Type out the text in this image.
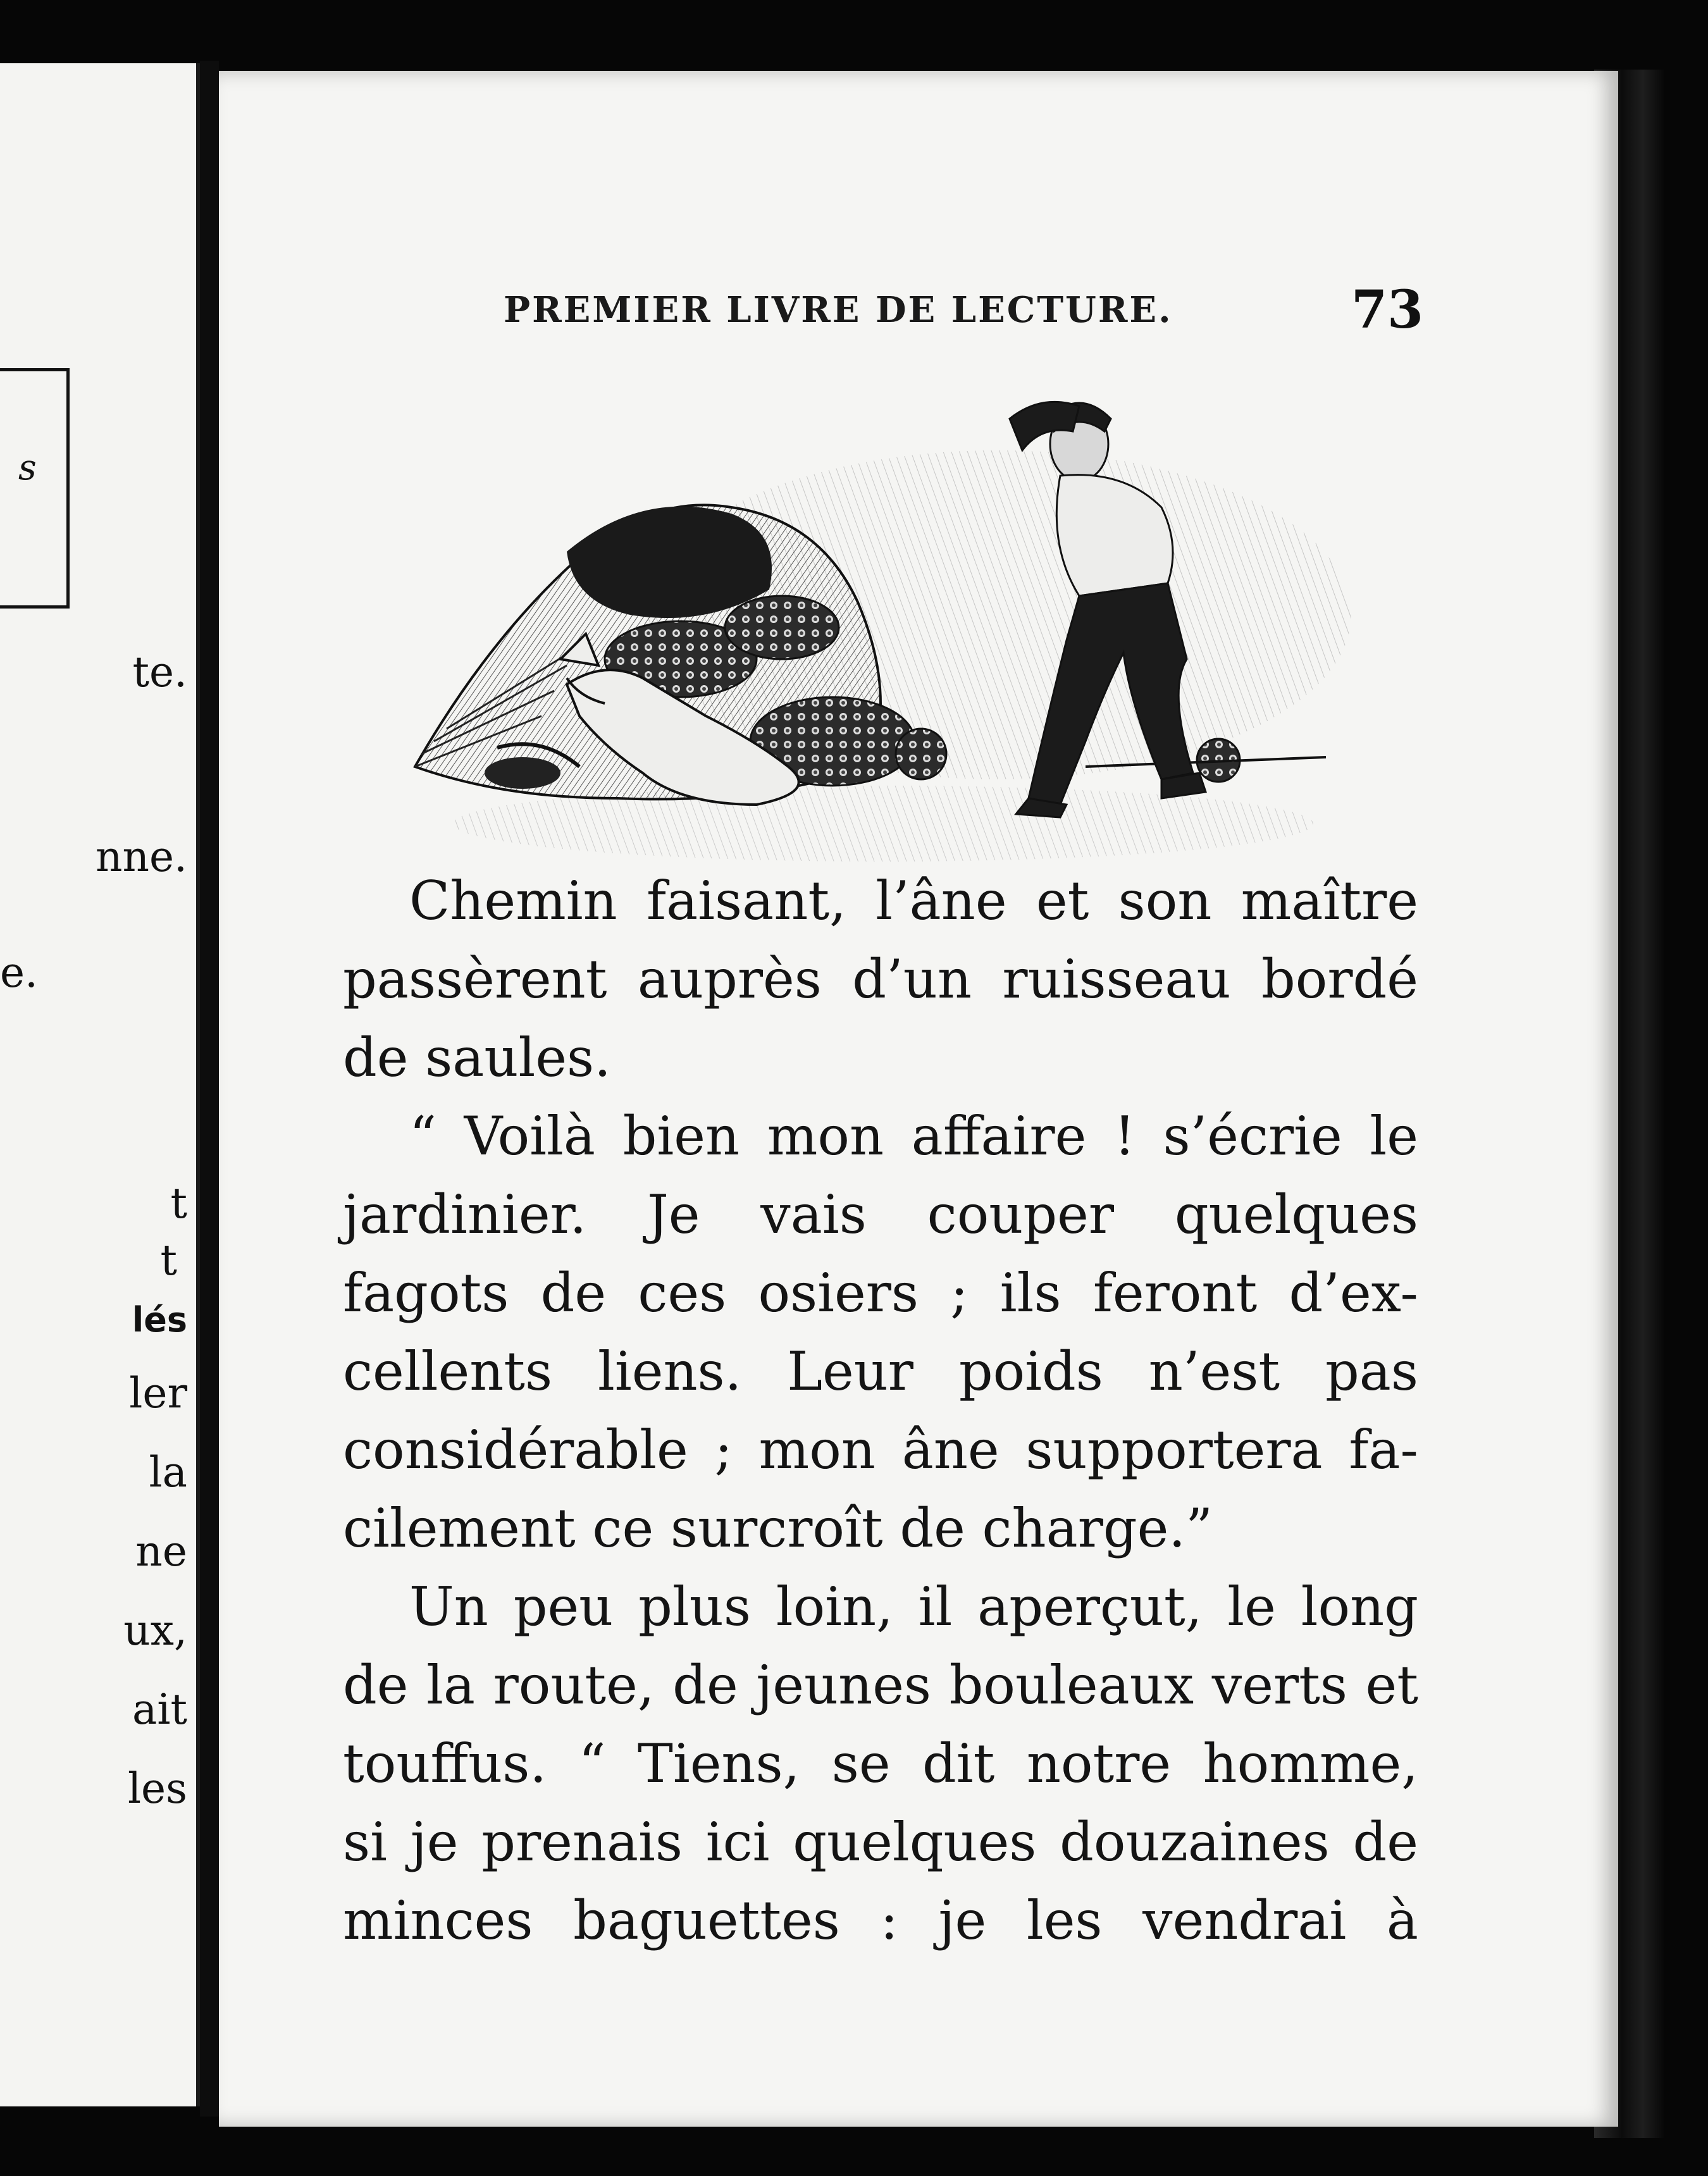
s
te.
nne.
e.
t
t
lés
ler
la
ne
ux,
ait
les
PREMIER LIVRE DE LECTURE.	73
Chemin faisant, l’âne et son maître
passèrent auprès d’un ruisseau bordé
de saules.
“ Voilà bien mon affaire ! s’écrie le
jardinier. Je vais couper quelques
fagots de ces osiers ; ils feront d’ex-
cellents liens. Leur poids n’est pas
considérable ; mon âne supportera fa-
cilement ce surcroît de charge.”
Un peu plus loin, il aperçut, le long
de la route, de jeunes bouleaux verts et
touffus. “ Tiens, se dit notre homme,
si je prenais ici quelques douzaines de
minces baguettes : je les vendrai à
